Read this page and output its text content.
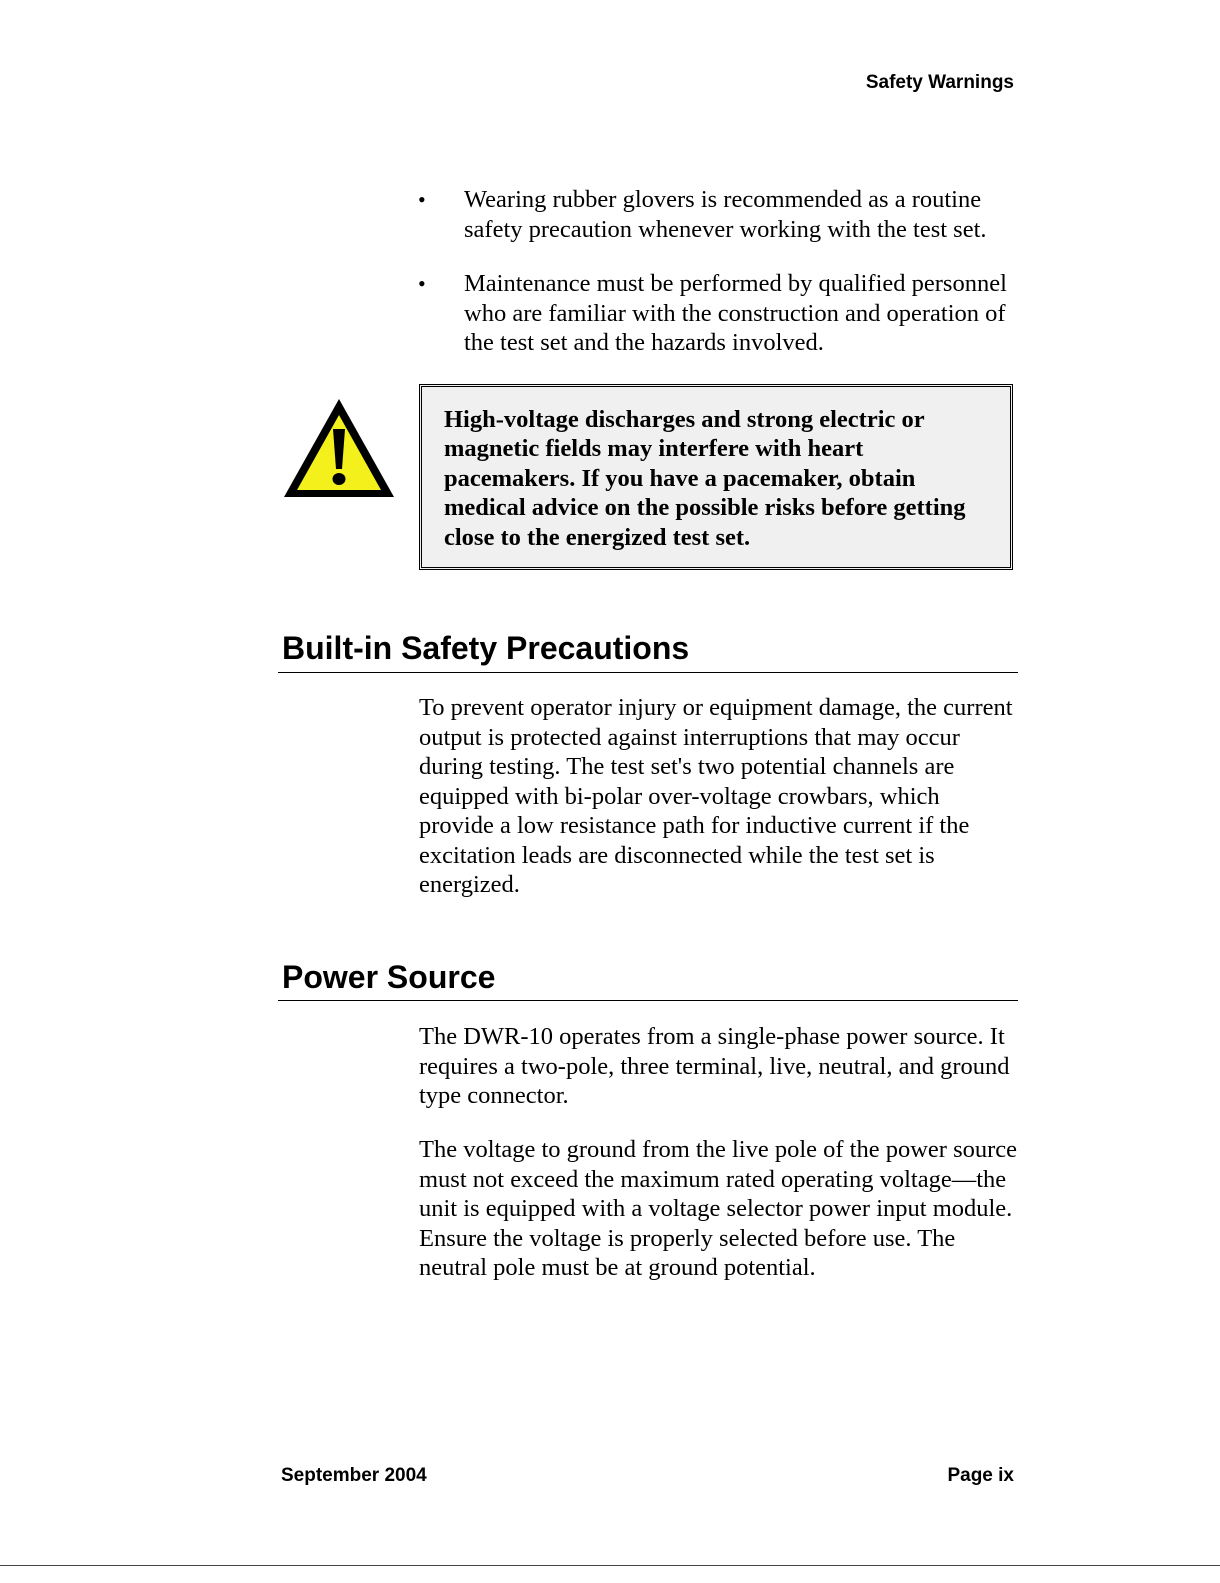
Safety Warnings
• Wearing rubber glovers is recommended as a routine safety precaution whenever working with the test set.
• Maintenance must be performed by qualified personnel who are familiar with the construction and operation of the test set and the hazards involved.
High-voltage discharges and strong electric or magnetic fields may interfere with heart pacemakers. If you have a pacemaker, obtain medical advice on the possible risks before getting close to the energized test set.
Built-in Safety Precautions
To prevent operator injury or equipment damage, the current output is protected against interruptions that may occur during testing. The test set's two potential channels are equipped with bi-polar over-voltage crowbars, which provide a low resistance path for inductive current if the excitation leads are disconnected while the test set is energized.
Power Source
The DWR-10 operates from a single-phase power source. It requires a two-pole, three terminal, live, neutral, and ground type connector.
The voltage to ground from the live pole of the power source must not exceed the maximum rated operating voltage—the unit is equipped with a voltage selector power input module. Ensure the voltage is properly selected before use. The neutral pole must be at ground potential.
September 2004	Page ix
